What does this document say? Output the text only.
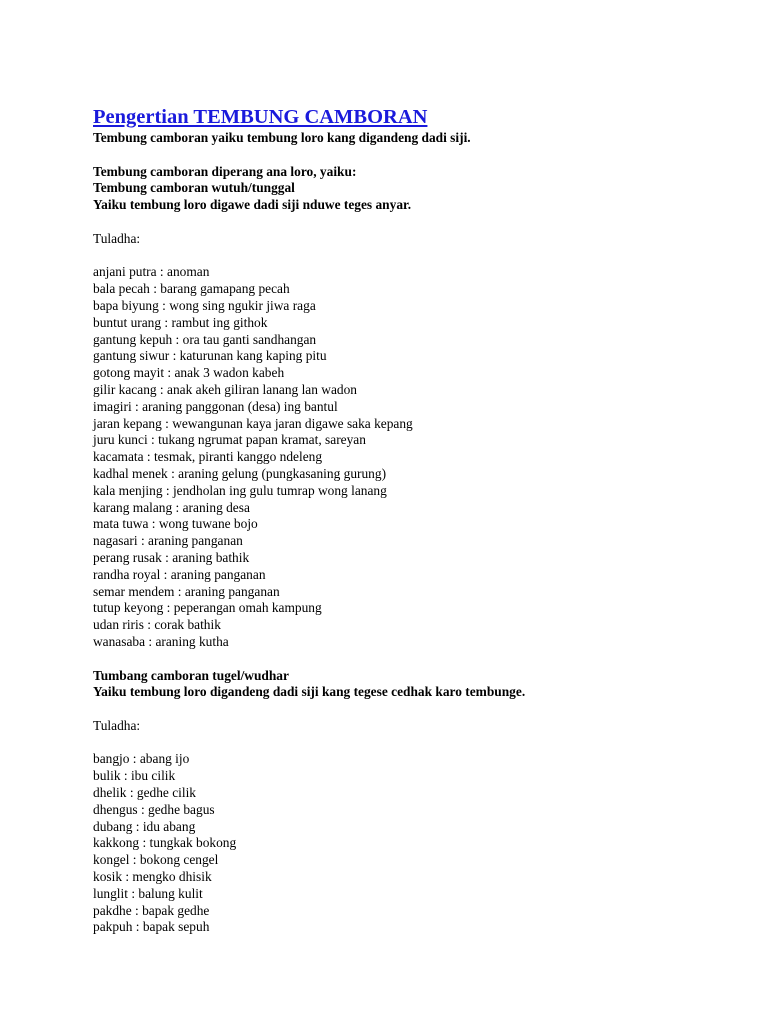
Pengertian TEMBUNG CAMBORAN

Tembung camboran yaiku tembung loro kang digandeng dadi siji.

Tembung camboran diperang ana loro, yaiku:

Tembung camboran wutuh/tunggal

Yaiku tembung loro digawe dadi siji nduwe teges anyar.

Tuladha:

anjani putra : anoman
bala pecah : barang gamapang pecah
bapa biyung : wong sing ngukir jiwa raga
buntut urang : rambut ing githok
gantung kepuh : ora tau ganti sandhangan
gantung siwur : katurunan kang kaping pitu
gotong mayit : anak 3 wadon kabeh
gilir kacang : anak akeh giliran lanang lan wadon
imagiri : araning panggonan (desa) ing bantul
jaran kepang : wewangunan kaya jaran digawe saka kepang
juru kunci : tukang ngrumat papan kramat, sareyan
kacamata : tesmak, piranti kanggo ndeleng
kadhal menek : araning gelung (pungkasaning gurung)
kala menjing : jendholan ing gulu tumrap wong lanang
karang malang : araning desa
mata tuwa : wong tuwane bojo
nagasari : araning panganan
perang rusak : araning bathik
randha royal : araning panganan
semar mendem : araning panganan
tutup keyong : peperangan omah kampung
udan riris : corak bathik
wanasaba : araning kutha

Tumbang camboran tugel/wudhar

Yaiku tembung loro digandeng dadi siji kang tegese cedhak karo tembunge.

Tuladha:

bangjo : abang ijo
bulik : ibu cilik
dhelik : gedhe cilik
dhengus : gedhe bagus
dubang : idu abang
kakkong : tungkak bokong
kongel : bokong cengel
kosik : mengko dhisik
lunglit : balung kulit
pakdhe : bapak gedhe
pakpuh : bapak sepuh
